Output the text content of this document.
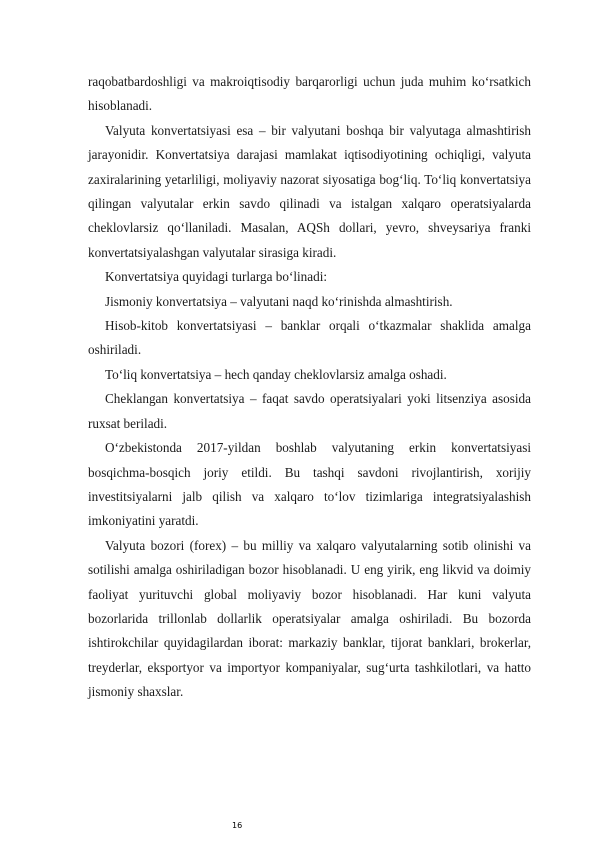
raqobatbardoshligi va makroiqtisodiy barqarorligi uchun juda muhim ko‘rsatkich hisoblanadi.

Valyuta konvertatsiyasi esa – bir valyutani boshqa bir valyutaga almashtirish jarayonidir. Konvertatsiya darajasi mamlakat iqtisodiyotining ochiqligi, valyuta zaxiralarining yetarliligi, moliyaviy nazorat siyosatiga bog‘liq. To‘liq konvertatsiya qilingan valyutalar erkin savdo qilinadi va istalgan xalqaro operatsiyalarda cheklovlarsiz qo‘llaniladi. Masalan, AQSh dollari, yevro, shveysariya franki konvertatsiyalashgan valyutalar sirasiga kiradi.

Konvertatsiya quyidagi turlarga bo‘linadi:

Jismoniy konvertatsiya – valyutani naqd ko‘rinishda almashtirish.

Hisob-kitob konvertatsiyasi – banklar orqali o‘tkazmalar shaklida amalga oshiriladi.

To‘liq konvertatsiya – hech qanday cheklovlarsiz amalga oshadi.

Cheklangan konvertatsiya – faqat savdo operatsiyalari yoki litsenziya asosida ruxsat beriladi.

O‘zbekistonda 2017-yildan boshlab valyutaning erkin konvertatsiyasi bosqichma-bosqich joriy etildi. Bu tashqi savdoni rivojlantirish, xorijiy investitsiyalarni jalb qilish va xalqaro to‘lov tizimlariga integratsiyalashish imkoniyatini yaratdi.

Valyuta bozori (forex) – bu milliy va xalqaro valyutalarning sotib olinishi va sotilishi amalga oshiriladigan bozor hisoblanadi. U eng yirik, eng likvid va doimiy faoliyat yurituvchi global moliyaviy bozor hisoblanadi. Har kuni valyuta bozorlarida trillonlab dollarlik operatsiyalar amalga oshiriladi. Bu bozorda ishtirokchilar quyidagilardan iborat: markaziy banklar, tijorat banklari, brokerlar, treyderlar, eksportyor va importyor kompaniyalar, sug‘urta tashkilotlari, va hatto jismoniy shaxslar.

16
